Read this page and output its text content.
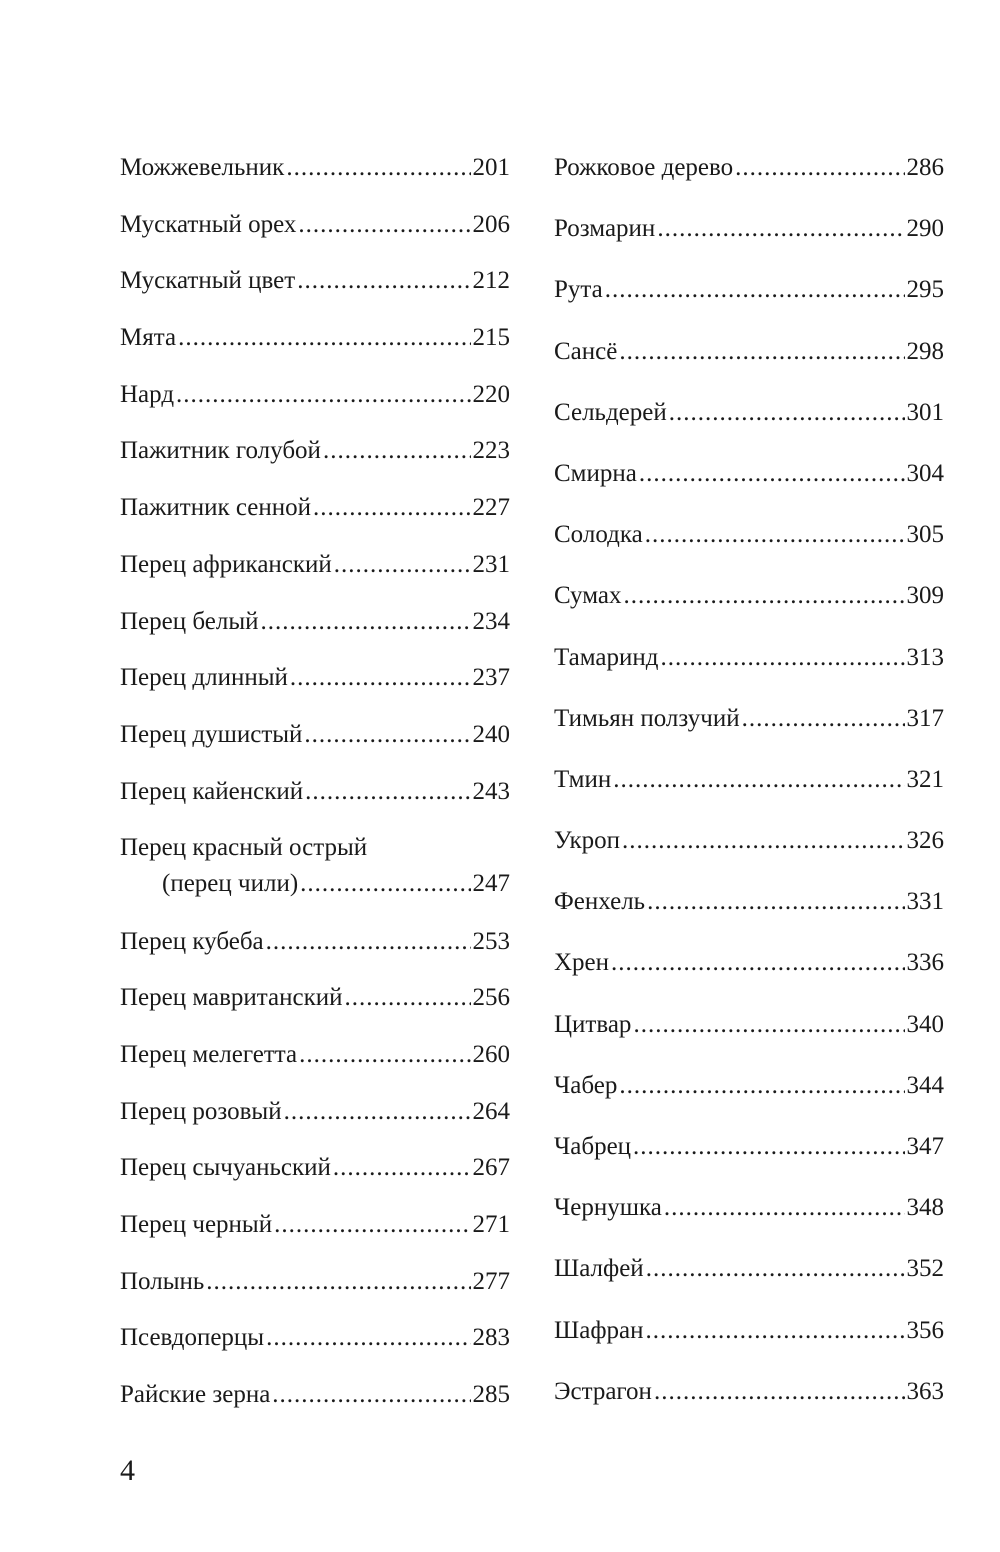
Можжевельник .....	201
Мускатный орех .....	206
Мускатный цвет .....	212
Мята .....	215
Нард .....	220
Пажитник голубой .....	223
Пажитник сенной .....	227
Перец африканский .....	231
Перец белый .....	234
Перец длинный .....	237
Перец душистый .....	240
Перец кайенский .....	243
Перец красный острый
(перец чили) .....	247
Перец кубеба .....	253
Перец мавританский .....	256
Перец мелегетта .....	260
Перец розовый .....	264
Перец сычуаньский .....	267
Перец черный .....	271
Полынь .....	277
Псевдоперцы .....	283
Райские зерна .....	285
Рожковое дерево .....	286
Розмарин .....	290
Рута .....	295
Сансё .....	298
Сельдерей .....	301
Смирна .....	304
Солодка .....	305
Сумах .....	309
Тамаринд .....	313
Тимьян ползучий .....	317
Тмин .....	321
Укроп .....	326
Фенхель .....	331
Хрен .....	336
Цитвар .....	340
Чабер .....	344
Чабрец .....	347
Чернушка .....	348
Шалфей .....	352
Шафран .....	356
Эстрагон .....	363
4
